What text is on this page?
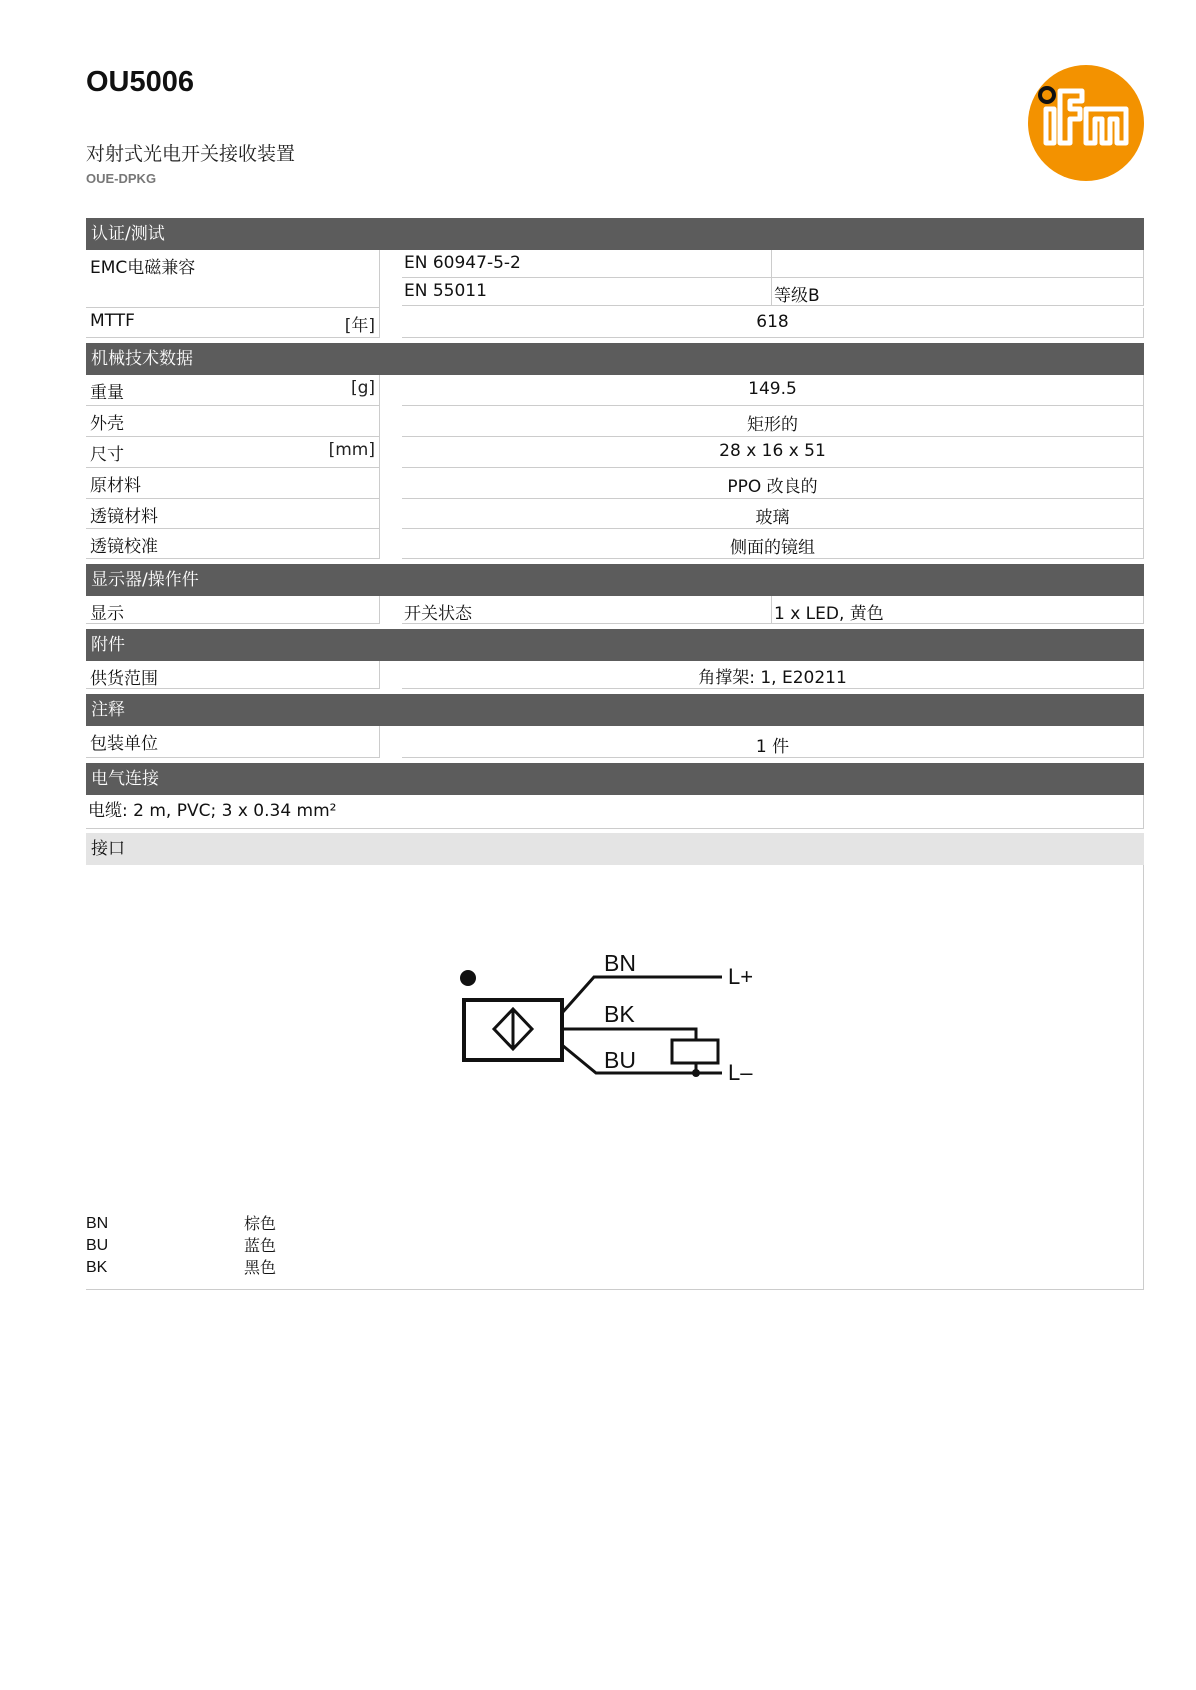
OU5006
对射式光电开关接收装置
OUE-DPKG
认证/测试
EMC电磁兼容	EN 60947-5-2
EN 55011	等级B
MTTF	[年]	618
机械技术数据
重量	[g]	149.5
外壳	矩形的
尺寸	[mm]	28 x 16 x 51
原材料	PPO 改良的
透镜材料	玻璃
透镜校准	侧面的镜组
显示器/操作件
显示	开关状态	1 x LED, 黄色
附件
供货范围	角撑架: 1, E20211
注释
包装单位	1 件
电气连接
电缆: 2 m, PVC; 3 x 0.34 mm²
接口
BN
BK
BU
L+
L–
BN	棕色
BU	蓝色
BK	黑色
